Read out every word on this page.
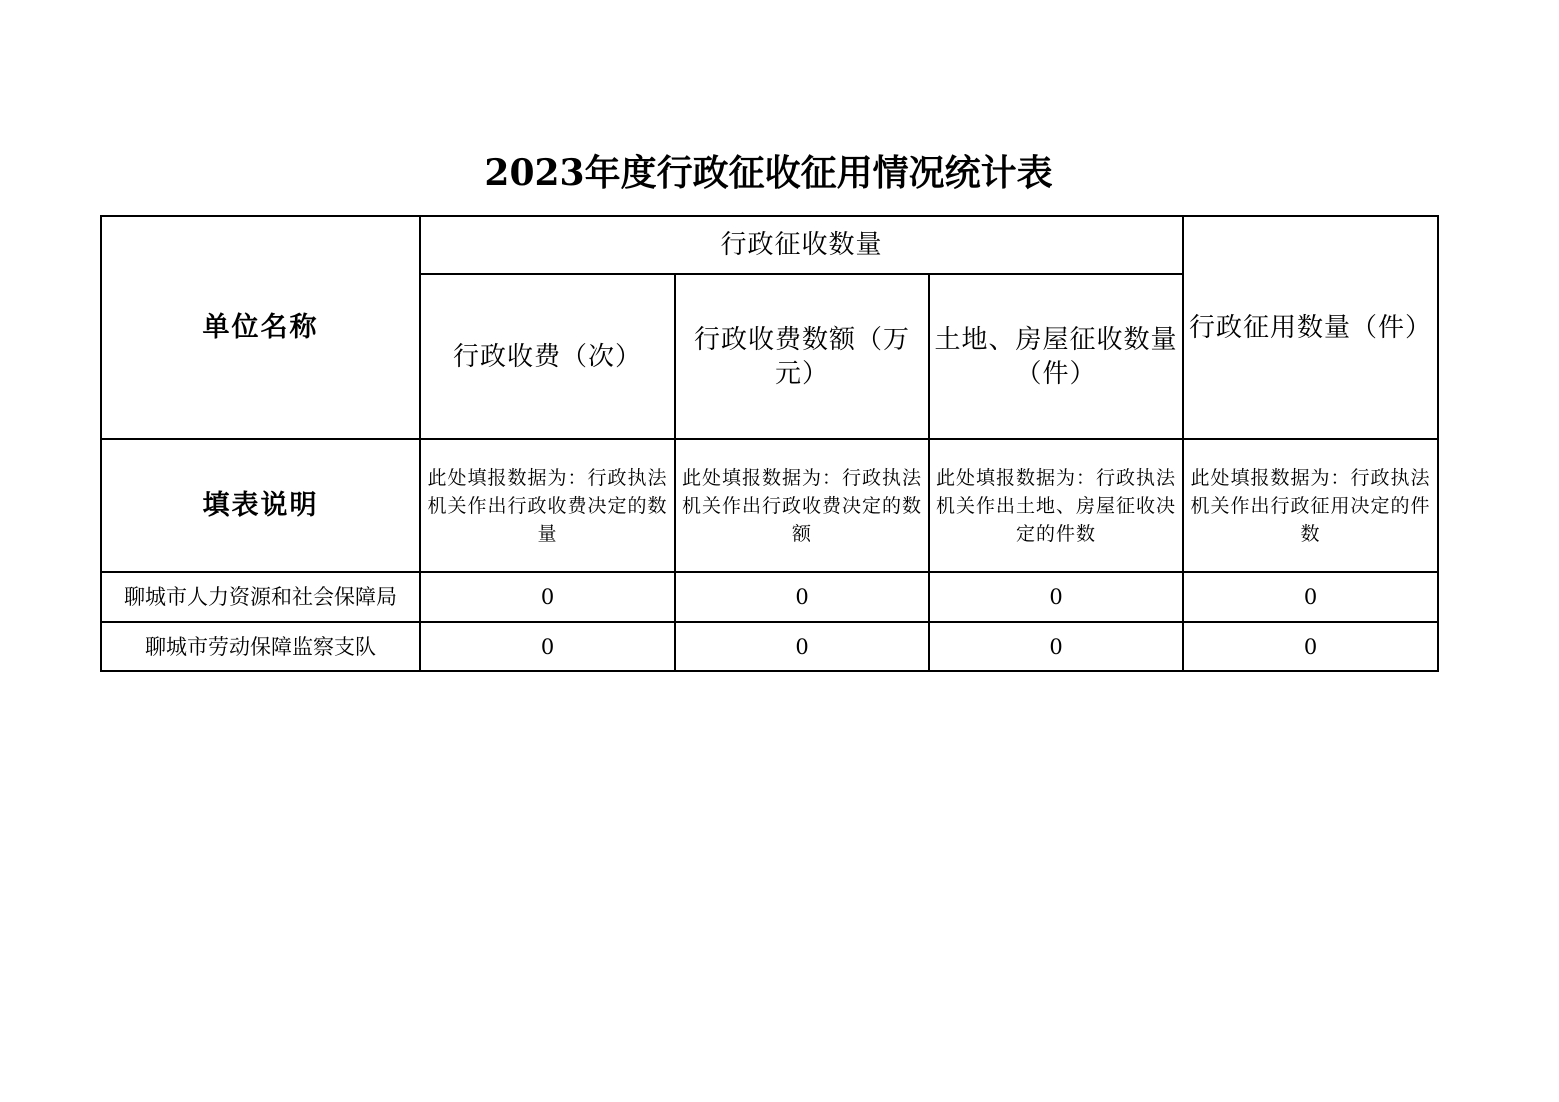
2023年度行政征收征用情况统计表
单位名称	行政征收数量			行政征用数量（件）
	行政收费（次）	行政收费数额（万元）	土地、房屋征收数量（件）	
填表说明	此处填报数据为：行政执法机关作出行政收费决定的数量	此处填报数据为：行政执法机关作出行政收费决定的数额	此处填报数据为：行政执法机关作出土地、房屋征收决定的件数	此处填报数据为：行政执法机关作出行政征用决定的件数
聊城市人力资源和社会保障局	0	0	0	0
聊城市劳动保障监察支队	0	0	0	0
